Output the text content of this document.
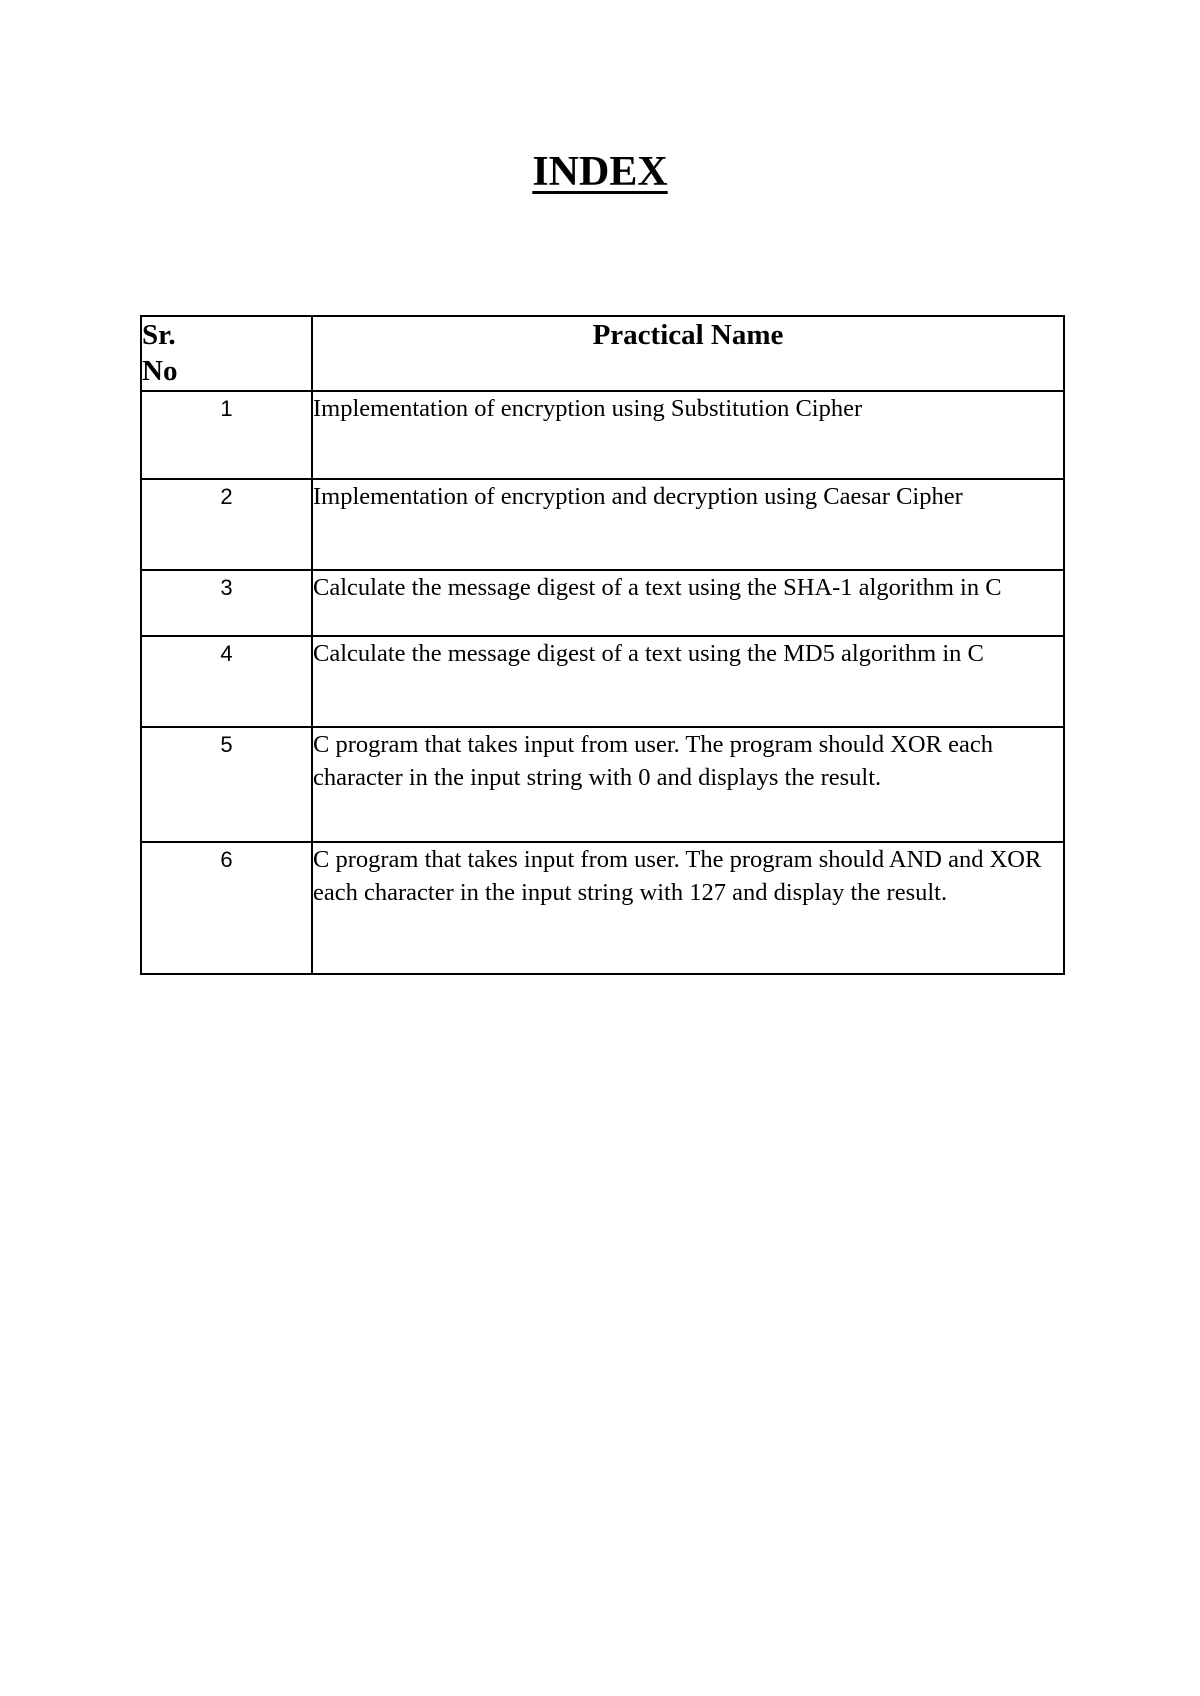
INDEX
Sr.
No	Practical Name
1	Implementation of encryption using Substitution Cipher
2	Implementation of encryption and decryption using Caesar Cipher
3	Calculate the message digest of a text using the SHA-1 algorithm in C
4	Calculate the message digest of a text using the MD5 algorithm in C
5	C program that takes input from user. The program should XOR each character in the input string with 0 and displays the result.
6	C program that takes input from user. The program should AND and XOR each character in the input string with 127 and display the result.
